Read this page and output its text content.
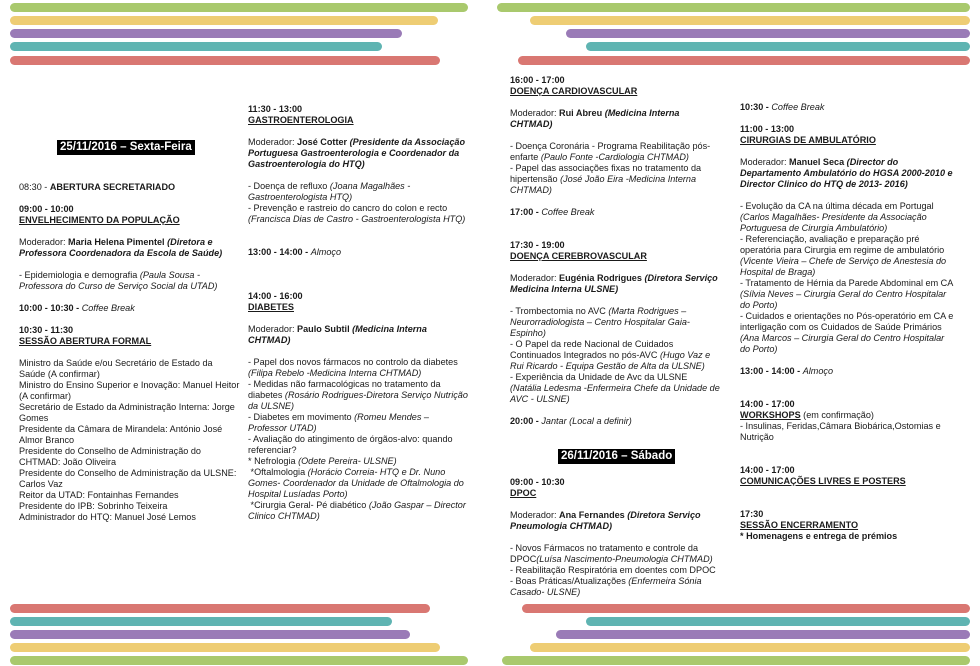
25/11/2016 – Sexta-Feira

08:30 - ABERTURA SECRETARIADO

09:00 - 10:00

ENVELHECIMENTO DA POPULAÇÃO

Moderador: Maria Helena Pimentel (Diretora e Professora Coordenadora da Escola de Saúde)

- Epidemiologia e demografia (Paula Sousa - Professora do Curso de Serviço Social da UTAD)

10:00 - 10:30 - Coffee Break

10:30 - 11:30

SESSÃO ABERTURA FORMAL

Ministro da Saúde e/ou Secretário de Estado da Saúde (A confirmar)

Ministro do Ensino Superior e Inovação: Manuel Heitor (A confirmar)

Secretário de Estado da Administração Interna: Jorge Gomes

Presidente da Câmara de Mirandela: António José Almor Branco

Presidente do Conselho de Administração do CHTMAD: João Oliveira

Presidente do Conselho de Administração da ULSNE: Carlos Vaz

Reitor da UTAD: Fontainhas Fernandes

Presidente do IPB: Sobrinho Teixeira

Administrador do HTQ: Manuel José Lemos

11:30 - 13:00

GASTROENTEROLOGIA

Moderador: José Cotter (Presidente da Associação Portuguesa Gastroenterologia e Coordenador da Gastroenterologia do HTQ)

- Doença de refluxo (Joana Magalhães - Gastroenterologista HTQ)

- Prevenção e rastreio do cancro do colon e recto (Francisca Dias de Castro - Gastroenterologista HTQ)

13:00 - 14:00 - Almoço

14:00 - 16:00

DIABETES

Moderador: Paulo Subtil (Medicina Interna CHTMAD)

- Papel dos novos fármacos no controlo da diabetes (Filipa Rebelo -Medicina Interna CHTMAD)

- Medidas não farmacológicas no tratamento da diabetes (Rosário Rodrigues-Diretora Serviço Nutrição da ULSNE)

- Diabetes em movimento (Romeu Mendes – Professor UTAD)

- Avaliação do atingimento de órgãos-alvo: quando referenciar?

* Nefrologia (Odete Pereira- ULSNE)

*Oftalmologia (Horácio Correia- HTQ e Dr. Nuno Gomes- Coordenador da Unidade de Oftalmologia do Hospital Lusíadas Porto)

*Cirurgia Geral- Pé diabético (João Gaspar – Director Clinico CHTMAD)

16:00 - 17:00

DOENÇA CARDIOVASCULAR

Moderador: Rui Abreu (Medicina Interna CHTMAD)

- Doença Coronária - Programa Reabilitação pós-enfarte (Paulo Fonte -Cardiologia CHTMAD)

- Papel das associações fixas no tratamento da hipertensão (José João Eira -Medicina Interna CHTMAD)

17:00 - Coffee Break

17:30 - 19:00

DOENÇA CEREBROVASCULAR

Moderador: Eugénia Rodrigues (Diretora Serviço Medicina Interna ULSNE)

- Trombectomia no AVC (Marta Rodrigues – Neurorradiologista – Centro Hospitalar Gaia-Espinho)

- O Papel da rede Nacional de Cuidados Continuados Integrados no pós-AVC (Hugo Vaz e Rui Ricardo - Equipa Gestão de Alta da ULSNE)

- Experiência da Unidade de Avc da ULSNE (Natália Ledesma -Enfermeira Chefe da Unidade de AVC - ULSNE)

20:00 - Jantar (Local a definir)

26/11/2016 – Sábado

09:00 - 10:30

DPOC

Moderador: Ana Fernandes (Diretora Serviço Pneumologia CHTMAD)

- Novos Fármacos no tratamento e controle da DPOC(Luísa Nascimento-Pneumologia CHTMAD)

- Reabilitação Respiratória em doentes com DPOC - Boas Práticas/Atualizações (Enfermeira Sónia Casado- ULSNE)

10:30 - Coffee Break

11:00 - 13:00

CIRURGIAS DE AMBULATÓRIO

Moderador: Manuel Seca (Director do Departamento Ambulatório do HGSA 2000-2010 e Director Clinico do HTQ de 2013- 2016)

- Evolução da CA na última década em Portugal (Carlos Magalhães- Presidente da Associação Portuguesa de Cirurgia Ambulatório)

- Referenciação, avaliação e preparação pré operatória para Cirurgia em regime de ambulatório (Vicente Vieira – Chefe de Serviço de Anestesia do Hospital de Braga)

- Tratamento de Hérnia da Parede Abdominal em CA (Sílvia Neves – Cirurgia Geral do Centro Hospitalar do Porto)

- Cuidados e orientações no Pós-operatório em CA e interligação com os Cuidados de Saúde Primários (Ana Marcos – Cirurgia Geral do Centro Hospitalar do Porto)

13:00 - 14:00 - Almoço

14:00 - 17:00

WORKSHOPS (em confirmação)

- Insulinas, Feridas,Câmara Biobárica,Ostomias e Nutrição

14:00 - 17:00

COMUNICAÇÕES LIVRES E POSTERS

17:30

SESSÃO ENCERRAMENTO

* Homenagens e entrega de prémios
